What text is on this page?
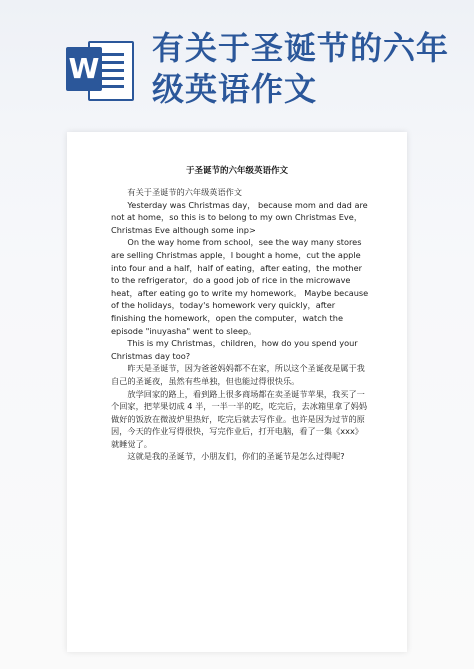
W
有关于圣诞节的六年级英语作文
于圣诞节的六年级英语作文

有关于圣诞节的六年级英语作文

Yesterday was Christmas day， because mom and dad are not at home，so this is to belong to my own Christmas Eve，Christmas Eve although some inp>

On the way home from school，see the way many stores are selling Christmas apple，I bought a home，cut the apple into four and a half，half of eating，after eating，the mother to the refrigerator，do a good job of rice in the microwave heat，after eating go to write my homework。 Maybe because of the holidays，today's homework very quickly，after finishing the homework，open the computer，watch the episode "inuyasha" went to sleep。

This is my Christmas，children，how do you spend your Christmas day too?

昨天是圣诞节，因为爸爸妈妈都不在家，所以这个圣诞夜是属于我自己的圣诞夜，虽然有些单独，但也能过得很快乐。

放学回家的路上，看到路上很多商场都在卖圣诞节苹果，我买了一个回家，把苹果切成 4 半，一半一半的吃，吃完后，去冰箱里拿了妈妈做好的饭放在微波炉里热好，吃完后就去写作业。也许是因为过节的原因，今天的作业写得很快，写完作业后，打开电脑，看了一集《xxx》就睡觉了。

这就是我的圣诞节，小朋友们，你们的圣诞节是怎么过得呢?
